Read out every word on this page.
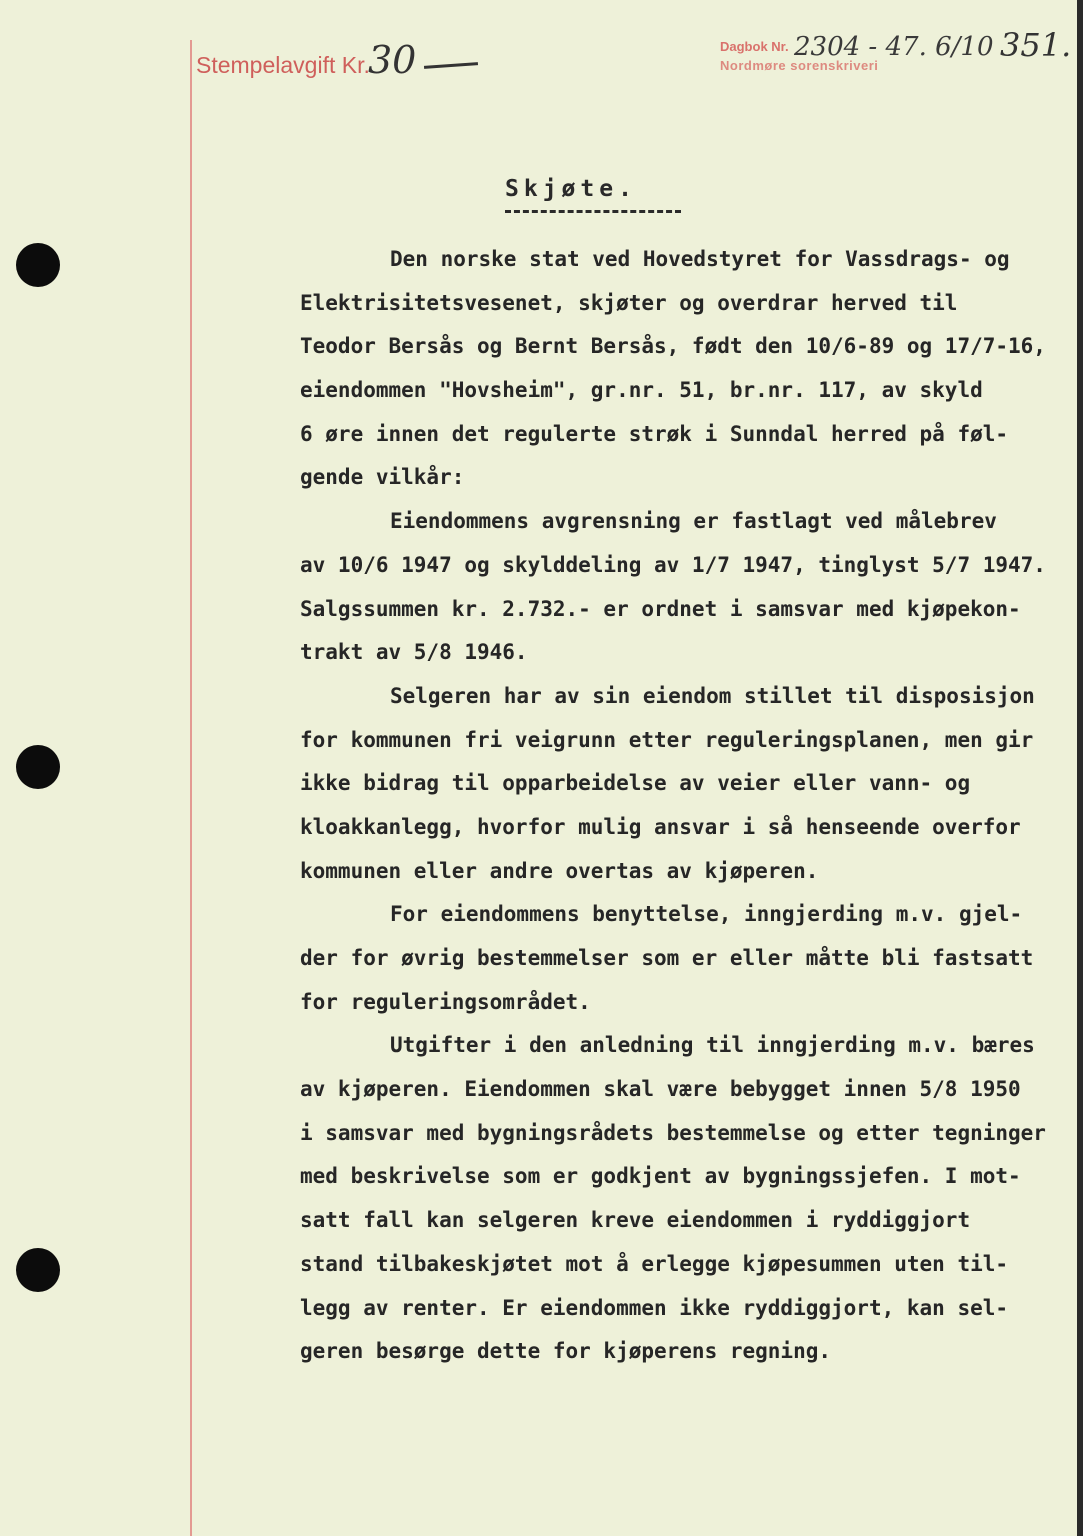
Stempelavgift Kr.
30	Dagbok Nr.
Nordmøre sorenskriveri
2304 - 47. 6/10 351.
Skjøte.
Den norske stat ved Hovedstyret for Vassdrags- og
Elektrisitetsvesenet, skjøter og overdrar herved til
Teodor Bersås og Bernt Bersås, født den 10/6-89 og 17/7-16,
eiendommen "Hovsheim", gr.nr. 51, br.nr. 117, av skyld
6 øre innen det regulerte strøk i Sunndal herred på føl-
gende vilkår:
Eiendommens avgrensning er fastlagt ved målebrev
av 10/6 1947 og skylddeling av 1/7 1947, tinglyst 5/7 1947.
Salgssummen kr. 2.732.- er ordnet i samsvar med kjøpekon-
trakt av 5/8 1946.
Selgeren har av sin eiendom stillet til disposisjon
for kommunen fri veigrunn etter reguleringsplanen, men gir
ikke bidrag til opparbeidelse av veier eller vann- og
kloakkanlegg, hvorfor mulig ansvar i så henseende overfor
kommunen eller andre overtas av kjøperen.
For eiendommens benyttelse, inngjerding m.v. gjel-
der for øvrig bestemmelser som er eller måtte bli fastsatt
for reguleringsområdet.
Utgifter i den anledning til inngjerding m.v. bæres
av kjøperen. Eiendommen skal være bebygget innen 5/8 1950
i samsvar med bygningsrådets bestemmelse og etter tegninger
med beskrivelse som er godkjent av bygningssjefen. I mot-
satt fall kan selgeren kreve eiendommen i ryddiggjort
stand tilbakeskjøtet mot å erlegge kjøpesummen uten til-
legg av renter. Er eiendommen ikke ryddiggjort, kan sel-
geren besørge dette for kjøperens regning.
